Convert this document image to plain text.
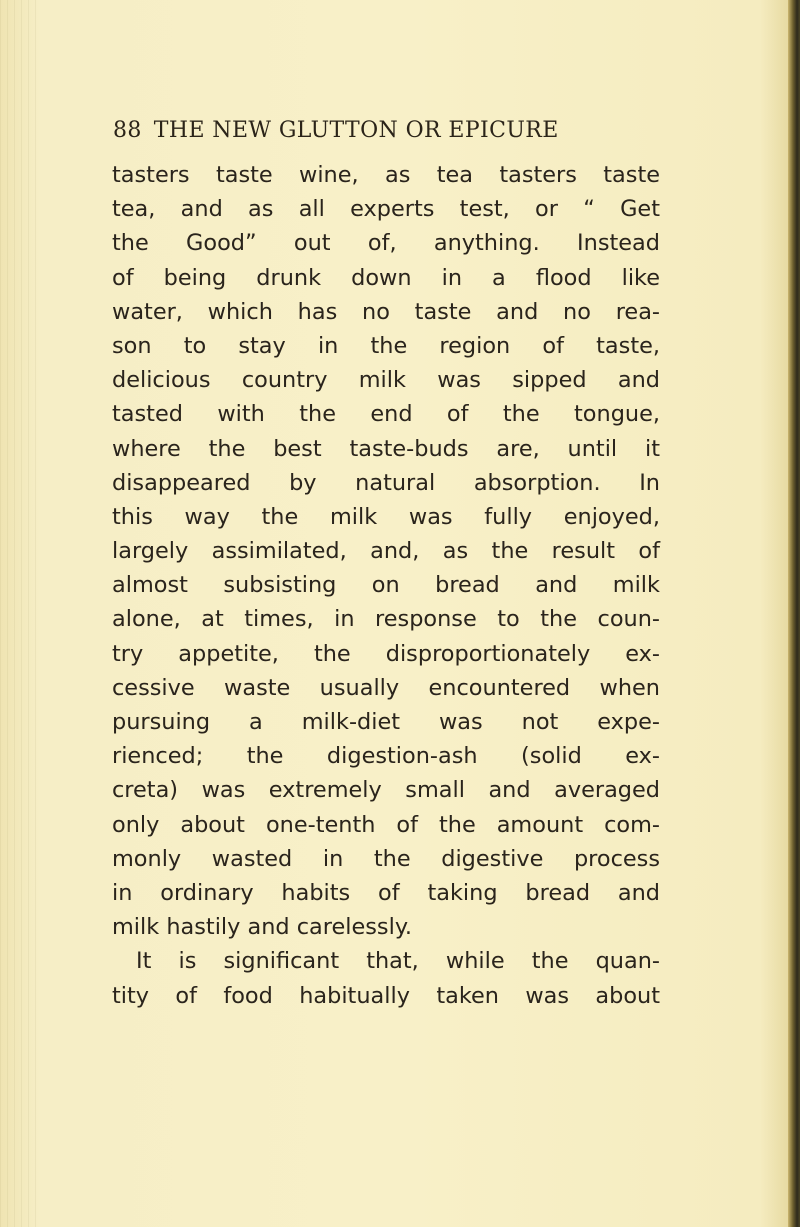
88 THE NEW GLUTTON OR EPICURE
tasters taste wine, as tea tasters taste
tea, and as all experts test, or “ Get
the Good” out of, anything. Instead
of being drunk down in a flood like
water, which has no taste and no rea-
son to stay in the region of taste,
delicious country milk was sipped and
tasted with the end of the tongue,
where the best taste-buds are, until it
disappeared by natural absorption. In
this way the milk was fully enjoyed,
largely assimilated, and, as the result of
almost subsisting on bread and milk
alone, at times, in response to the coun-
try appetite, the disproportionately ex-
cessive waste usually encountered when
pursuing a milk-diet was not expe-
rienced; the digestion-ash (solid ex-
creta) was extremely small and averaged
only about one-tenth of the amount com-
monly wasted in the digestive process
in ordinary habits of taking bread and
milk hastily and carelessly.
It is significant that, while the quan-
tity of food habitually taken was about
